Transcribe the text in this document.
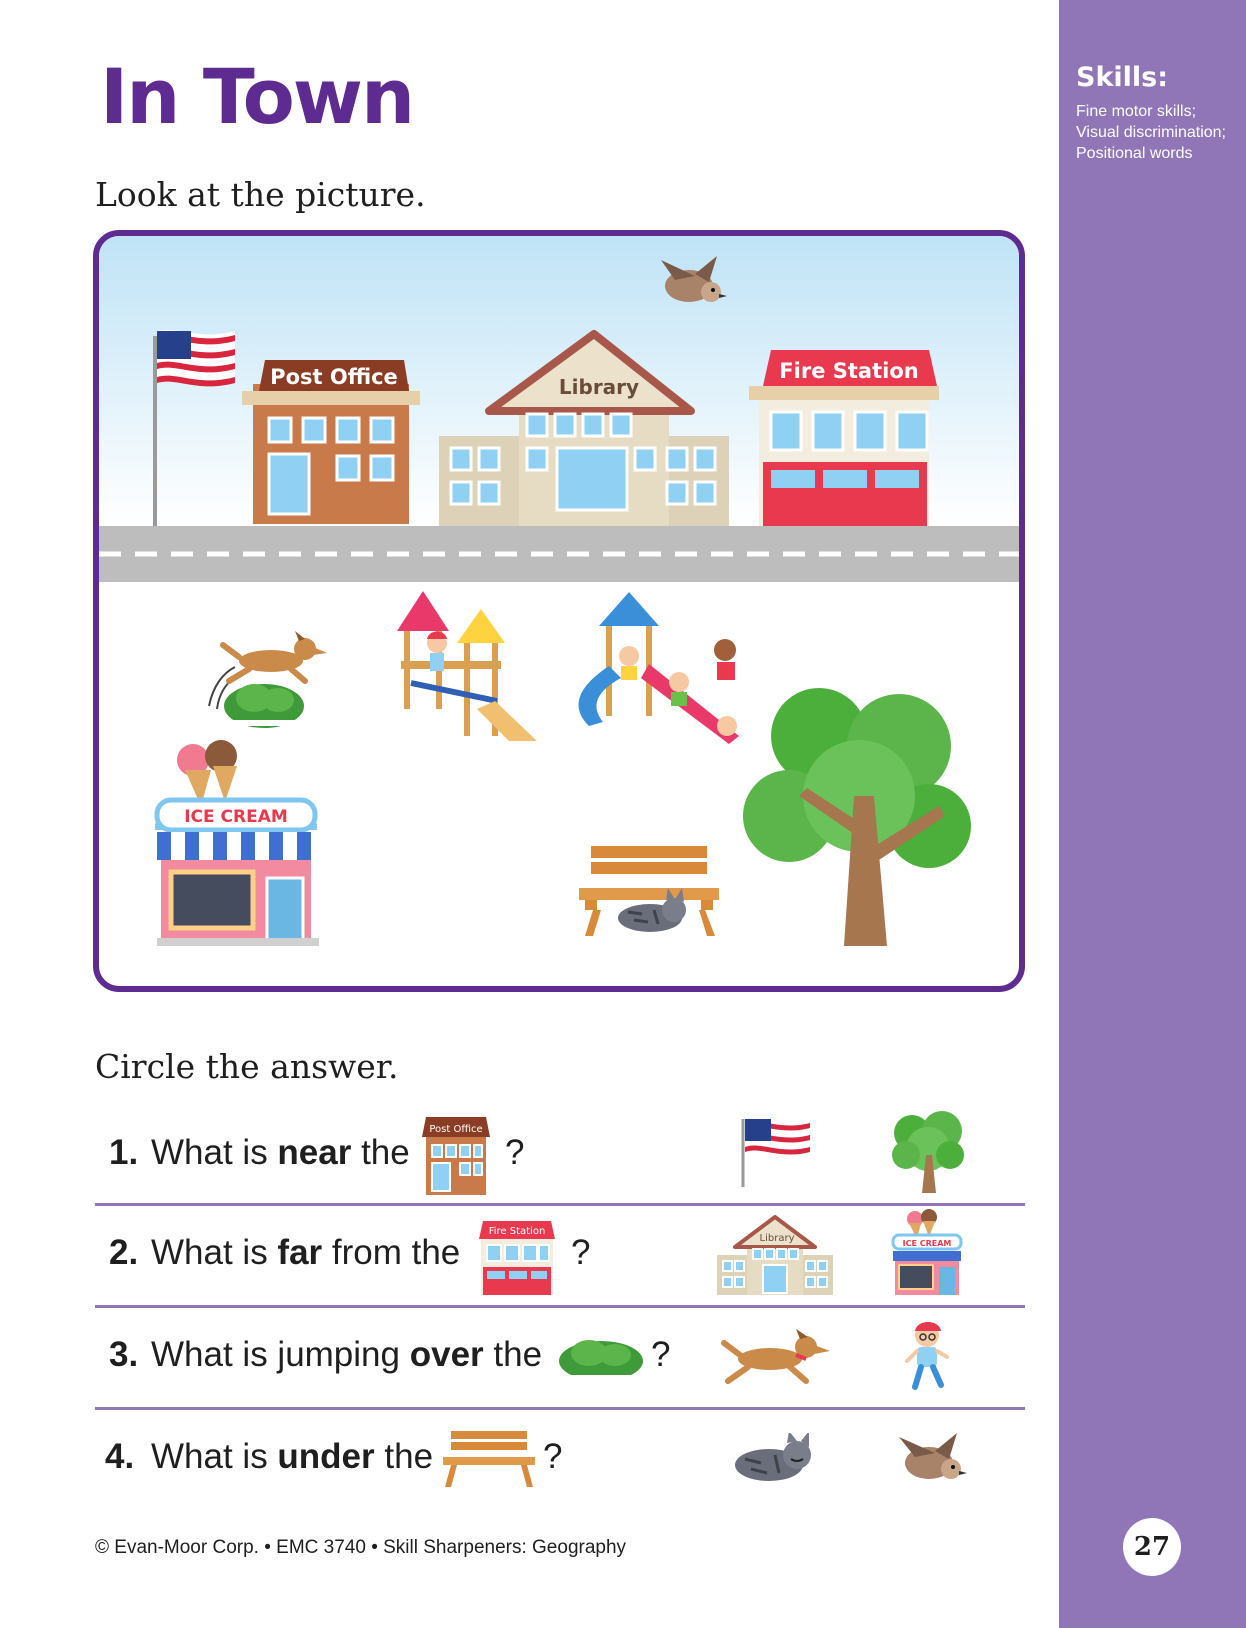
Skills:
Fine motor skills; Visual discrimination; Positional words
In Town
Look at the picture.
Post Office	Library
Fire Station
ICE CREAM
Circle the answer.
1. What is near the
Post Office
?
2. What is far from the
Fire Station
?	Library	ICE CREAM
3. What is jumping over the	?
4. What is under the	?
© Evan-Moor Corp. • EMC 3740 • Skill Sharpeners: Geography	27
